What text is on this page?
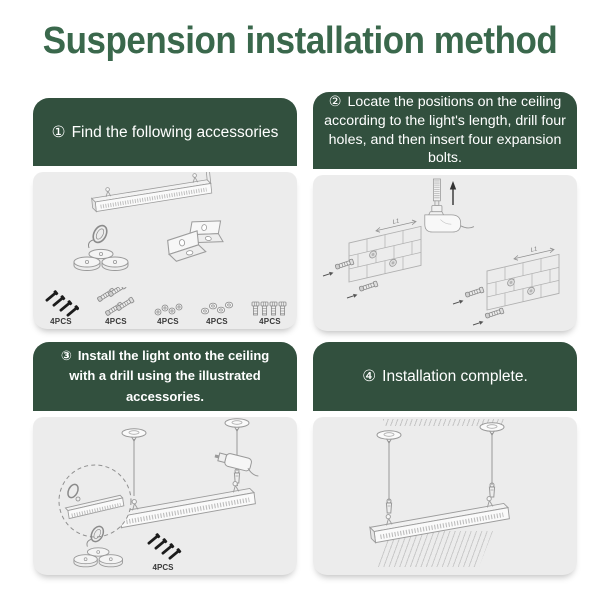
Suspension installation method

① Find the following accessories

4PCS	4PCS	4PCS	4PCS	4PCS

② Locate the positions on the ceiling according to the light's length, drill four holes, and then insert four expansion bolts.

L1
L1

③ Install the light onto the ceiling with a drill using the illustrated accessories.

4PCS

④ Installation complete.
